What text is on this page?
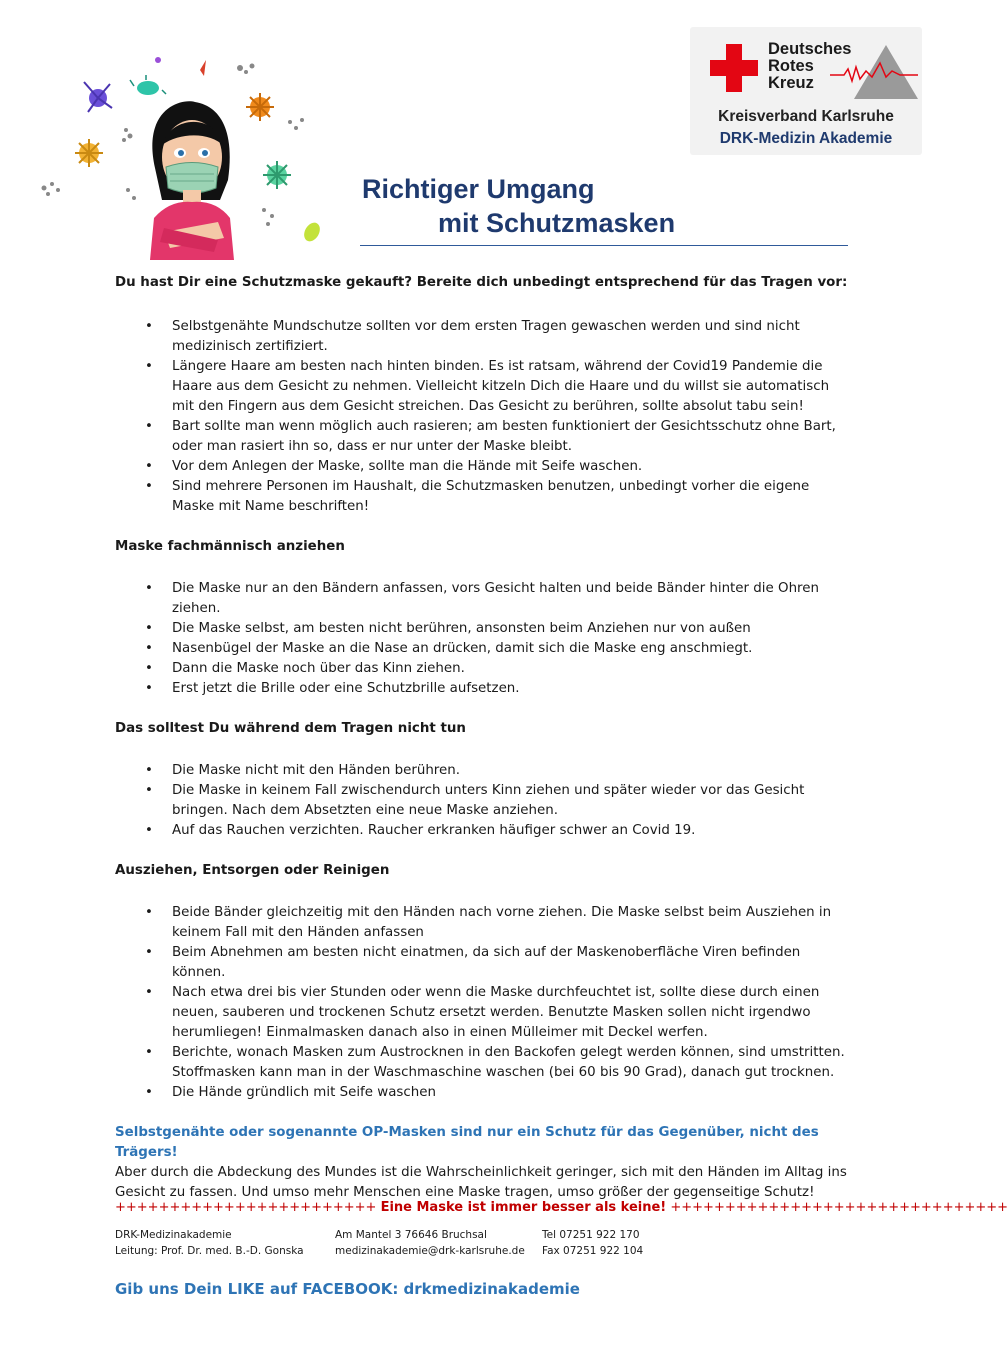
Deutsches
Rotes
Kreuz
Kreisverband Karlsruhe
DRK-Medizin Akademie
Richtiger Umgang
mit Schutzmasken

Du hast Dir eine Schutzmaske gekauft? Bereite dich unbedingt entsprechend für das Tragen vor:

• Selbstgenähte Mundschutze sollten vor dem ersten Tragen gewaschen werden und sind nicht medizinisch zertifiziert.
• Längere Haare am besten nach hinten binden. Es ist ratsam, während der Covid19 Pandemie die Haare aus dem Gesicht zu nehmen. Vielleicht kitzeln Dich die Haare und du willst sie automatisch mit den Fingern aus dem Gesicht streichen. Das Gesicht zu berühren, sollte absolut tabu sein!
• Bart sollte man wenn möglich auch rasieren; am besten funktioniert der Gesichtsschutz ohne Bart, oder man rasiert ihn so, dass er nur unter der Maske bleibt.
• Vor dem Anlegen der Maske, sollte man die Hände mit Seife waschen.
• Sind mehrere Personen im Haushalt, die Schutzmasken benutzen, unbedingt vorher die eigene Maske mit Name beschriften!

Maske fachmännisch anziehen

• Die Maske nur an den Bändern anfassen, vors Gesicht halten und beide Bänder hinter die Ohren ziehen.
• Die Maske selbst, am besten nicht berühren, ansonsten beim Anziehen nur von außen
• Nasenbügel der Maske an die Nase an drücken, damit sich die Maske eng anschmiegt.
• Dann die Maske noch über das Kinn ziehen.
• Erst jetzt die Brille oder eine Schutzbrille aufsetzen.

Das solltest Du während dem Tragen nicht tun

• Die Maske nicht mit den Händen berühren.
• Die Maske in keinem Fall zwischendurch unters Kinn ziehen und später wieder vor das Gesicht bringen. Nach dem Absetzten eine neue Maske anziehen.
• Auf das Rauchen verzichten. Raucher erkranken häufiger schwer an Covid 19.

Ausziehen, Entsorgen oder Reinigen

• Beide Bänder gleichzeitig mit den Händen nach vorne ziehen. Die Maske selbst beim Ausziehen in keinem Fall mit den Händen anfassen
• Beim Abnehmen am besten nicht einatmen, da sich auf der Maskenoberfläche Viren befinden können.
• Nach etwa drei bis vier Stunden oder wenn die Maske durchfeuchtet ist, sollte diese durch einen neuen, sauberen und trockenen Schutz ersetzt werden. Benutzte Masken sollen nicht irgendwo herumliegen! Einmalmasken danach also in einen Mülleimer mit Deckel werfen.
• Berichte, wonach Masken zum Austrocknen in den Backofen gelegt werden können, sind umstritten. Stoffmasken kann man in der Waschmaschine waschen (bei 60 bis 90 Grad), danach gut trocknen.
• Die Hände gründlich mit Seife waschen

Selbstgenähte oder sogenannte OP-Masken sind nur ein Schutz für das Gegenüber, nicht des Trägers!
Aber durch die Abdeckung des Mundes ist die Wahrscheinlichkeit geringer, sich mit den Händen im Alltag ins Gesicht zu fassen. Und umso mehr Menschen eine Maske tragen, umso größer der gegenseitige Schutz!

++++++++++++++++++++++++ Eine Maske ist immer besser als keine! +++++++++++++++++++++++++++++++
DRK-Medizinakademie
Leitung: Prof. Dr. med. B.-D. Gonska
Am Mantel 3 76646 Bruchsal
medizinakademie@drk-karlsruhe.de
Tel 07251 922 170
Fax 07251 922 104
Gib uns Dein LIKE auf FACEBOOK: drkmedizinakademie
